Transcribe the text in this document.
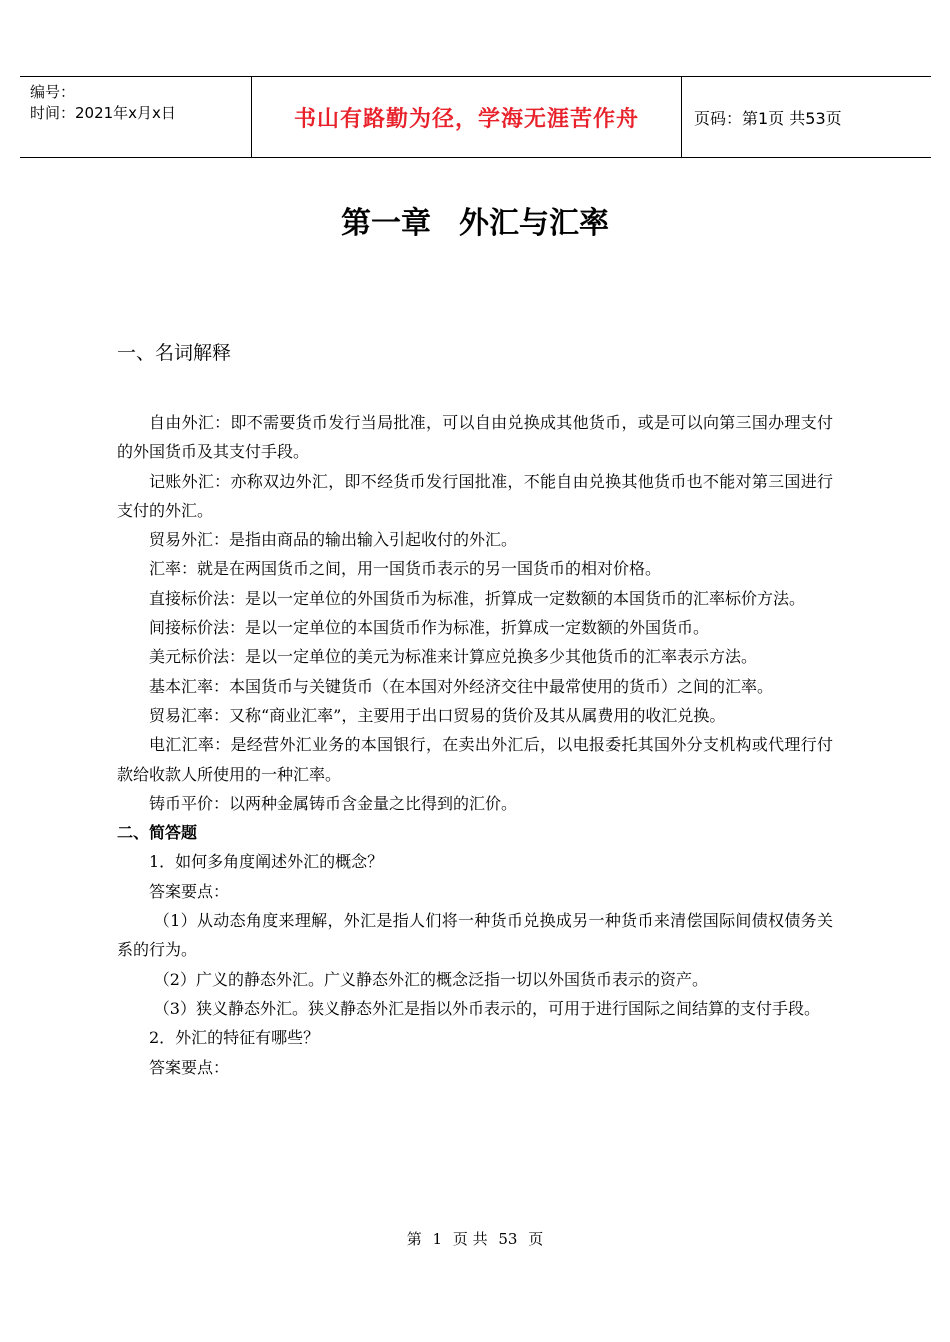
编号：
时间：2021年x月x日	书山有路勤为径，学海无涯苦作舟	页码：第1页 共53页
第一章 外汇与汇率
一、名词解释

自由外汇：即不需要货币发行当局批准，可以自由兑换成其他货币，或是可以向第三国办理支付的外国货币及其支付手段。

记账外汇：亦称双边外汇，即不经货币发行国批准，不能自由兑换其他货币也不能对第三国进行支付的外汇。

贸易外汇：是指由商品的输出输入引起收付的外汇。

汇率：就是在两国货币之间，用一国货币表示的另一国货币的相对价格。

直接标价法：是以一定单位的外国货币为标准，折算成一定数额的本国货币的汇率标价方法。

间接标价法：是以一定单位的本国货币作为标准，折算成一定数额的外国货币。

美元标价法：是以一定单位的美元为标准来计算应兑换多少其他货币的汇率表示方法。

基本汇率：本国货币与关键货币（在本国对外经济交往中最常使用的货币）之间的汇率。

贸易汇率：又称“商业汇率”，主要用于出口贸易的货价及其从属费用的收汇兑换。

电汇汇率：是经营外汇业务的本国银行，在卖出外汇后，以电报委托其国外分支机构或代理行付款给收款人所使用的一种汇率。

铸币平价：以两种金属铸币含金量之比得到的汇价。

二、简答题

1．如何多角度阐述外汇的概念？

答案要点：

（1）从动态角度来理解，外汇是指人们将一种货币兑换成另一种货币来清偿国际间债权债务关系的行为。

（2）广义的静态外汇。广义静态外汇的概念泛指一切以外国货币表示的资产。

（3）狭义静态外汇。狭义静态外汇是指以外币表示的，可用于进行国际之间结算的支付手段。

2．外汇的特征有哪些？

答案要点：

第 1 页 共 53 页
